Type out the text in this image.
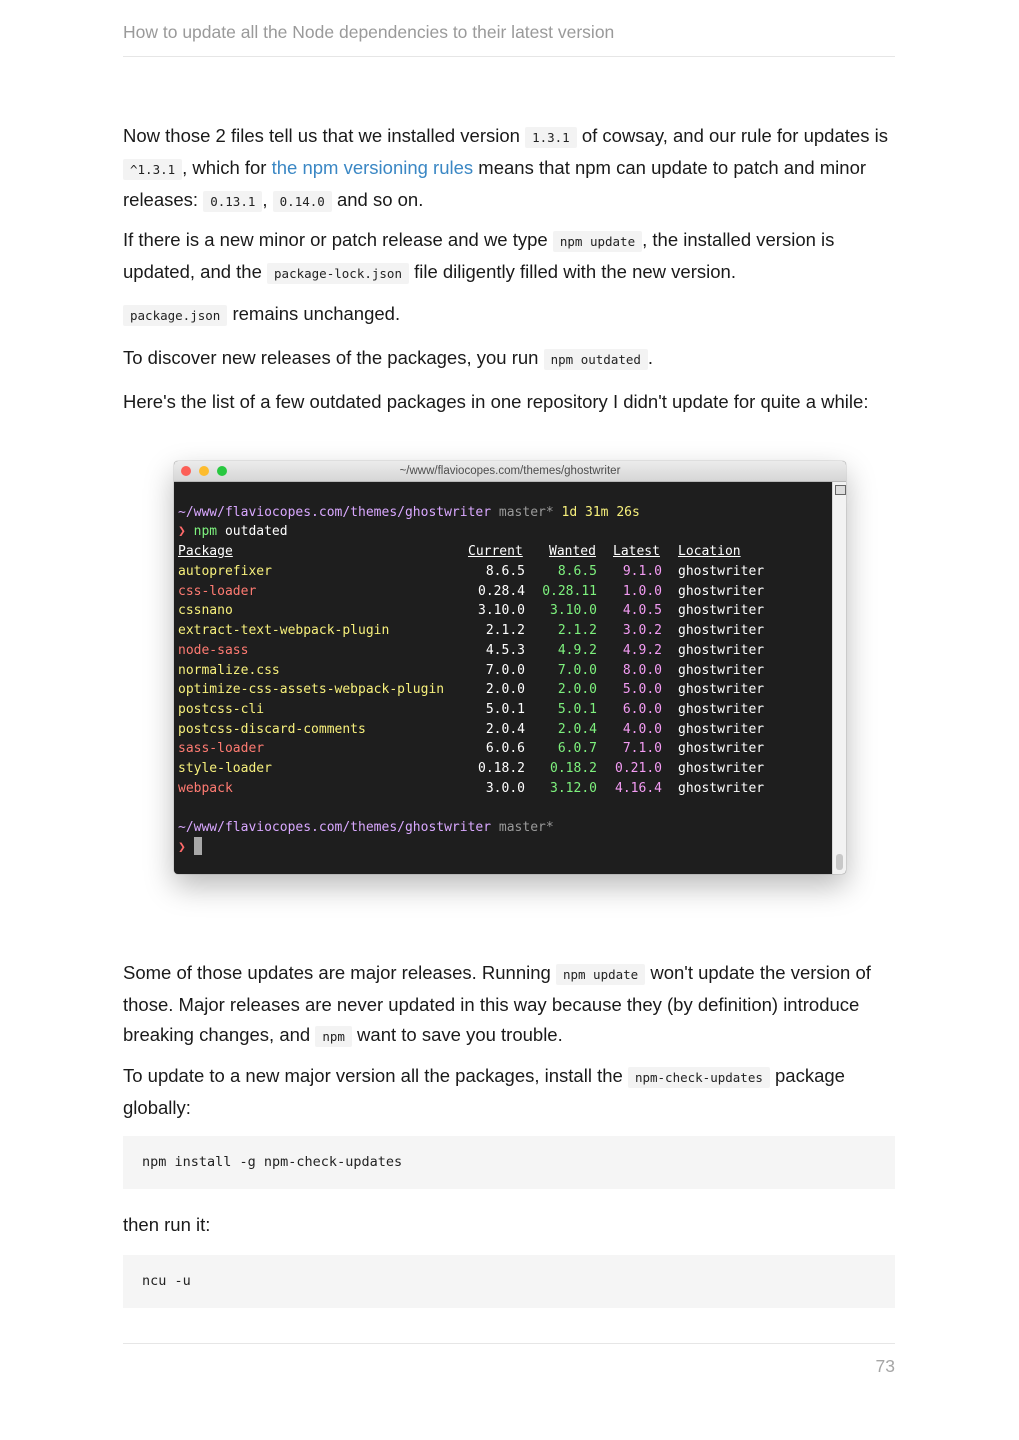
How to update all the Node dependencies to their latest version

Now those 2 files tell us that we installed version 1.3.1 of cowsay, and our rule for updates is
^1.3.1 , which for the npm versioning rules means that npm can update to patch and minor releases: 0.13.1 , 0.14.0 and so on.

If there is a new minor or patch release and we type npm update , the installed version is updated, and the package-lock.json file diligently filled with the new version.

package.json remains unchanged.

To discover new releases of the packages, you run npm outdated .

Here's the list of a few outdated packages in one repository I didn't update for quite a while:

~/www/flaviocopes.com/themes/ghostwriter
~/www/flaviocopes.com/themes/ghostwriter master* 1d 31m 26s
❯ npm outdated
Package	Current Wanted Latest Location
autoprefixer	8.6.5	8.6.5 9.1.0 ghostwriter
css-loader	0.28.4 0.28.11 1.0.0 ghostwriter
cssnano	3.10.0 3.10.0 4.0.5 ghostwriter
extract-text-webpack-plugin	2.1.2	2.1.2 3.0.2 ghostwriter
node-sass	4.5.3	4.9.2 4.9.2 ghostwriter
normalize.css	7.0.0	7.0.0 8.0.0 ghostwriter
optimize-css-assets-webpack-plugin	2.0.0	2.0.0 5.0.0 ghostwriter
postcss-cli	5.0.1	5.0.1 6.0.0 ghostwriter
postcss-discard-comments	2.0.4	2.0.4 4.0.0 ghostwriter
sass-loader	6.0.6	6.0.7 7.1.0 ghostwriter
style-loader	0.18.2 0.18.2 0.21.0 ghostwriter
webpack	3.0.0 3.12.0 4.16.4 ghostwriter
~/www/flaviocopes.com/themes/ghostwriter master*
❯

Some of those updates are major releases. Running npm update won't update the version of those. Major releases are never updated in this way because they (by definition) introduce breaking changes, and npm want to save you trouble.

To update to a new major version all the packages, install the npm-check-updates package globally:

npm install -g npm-check-updates

then run it:

ncu -u
73
